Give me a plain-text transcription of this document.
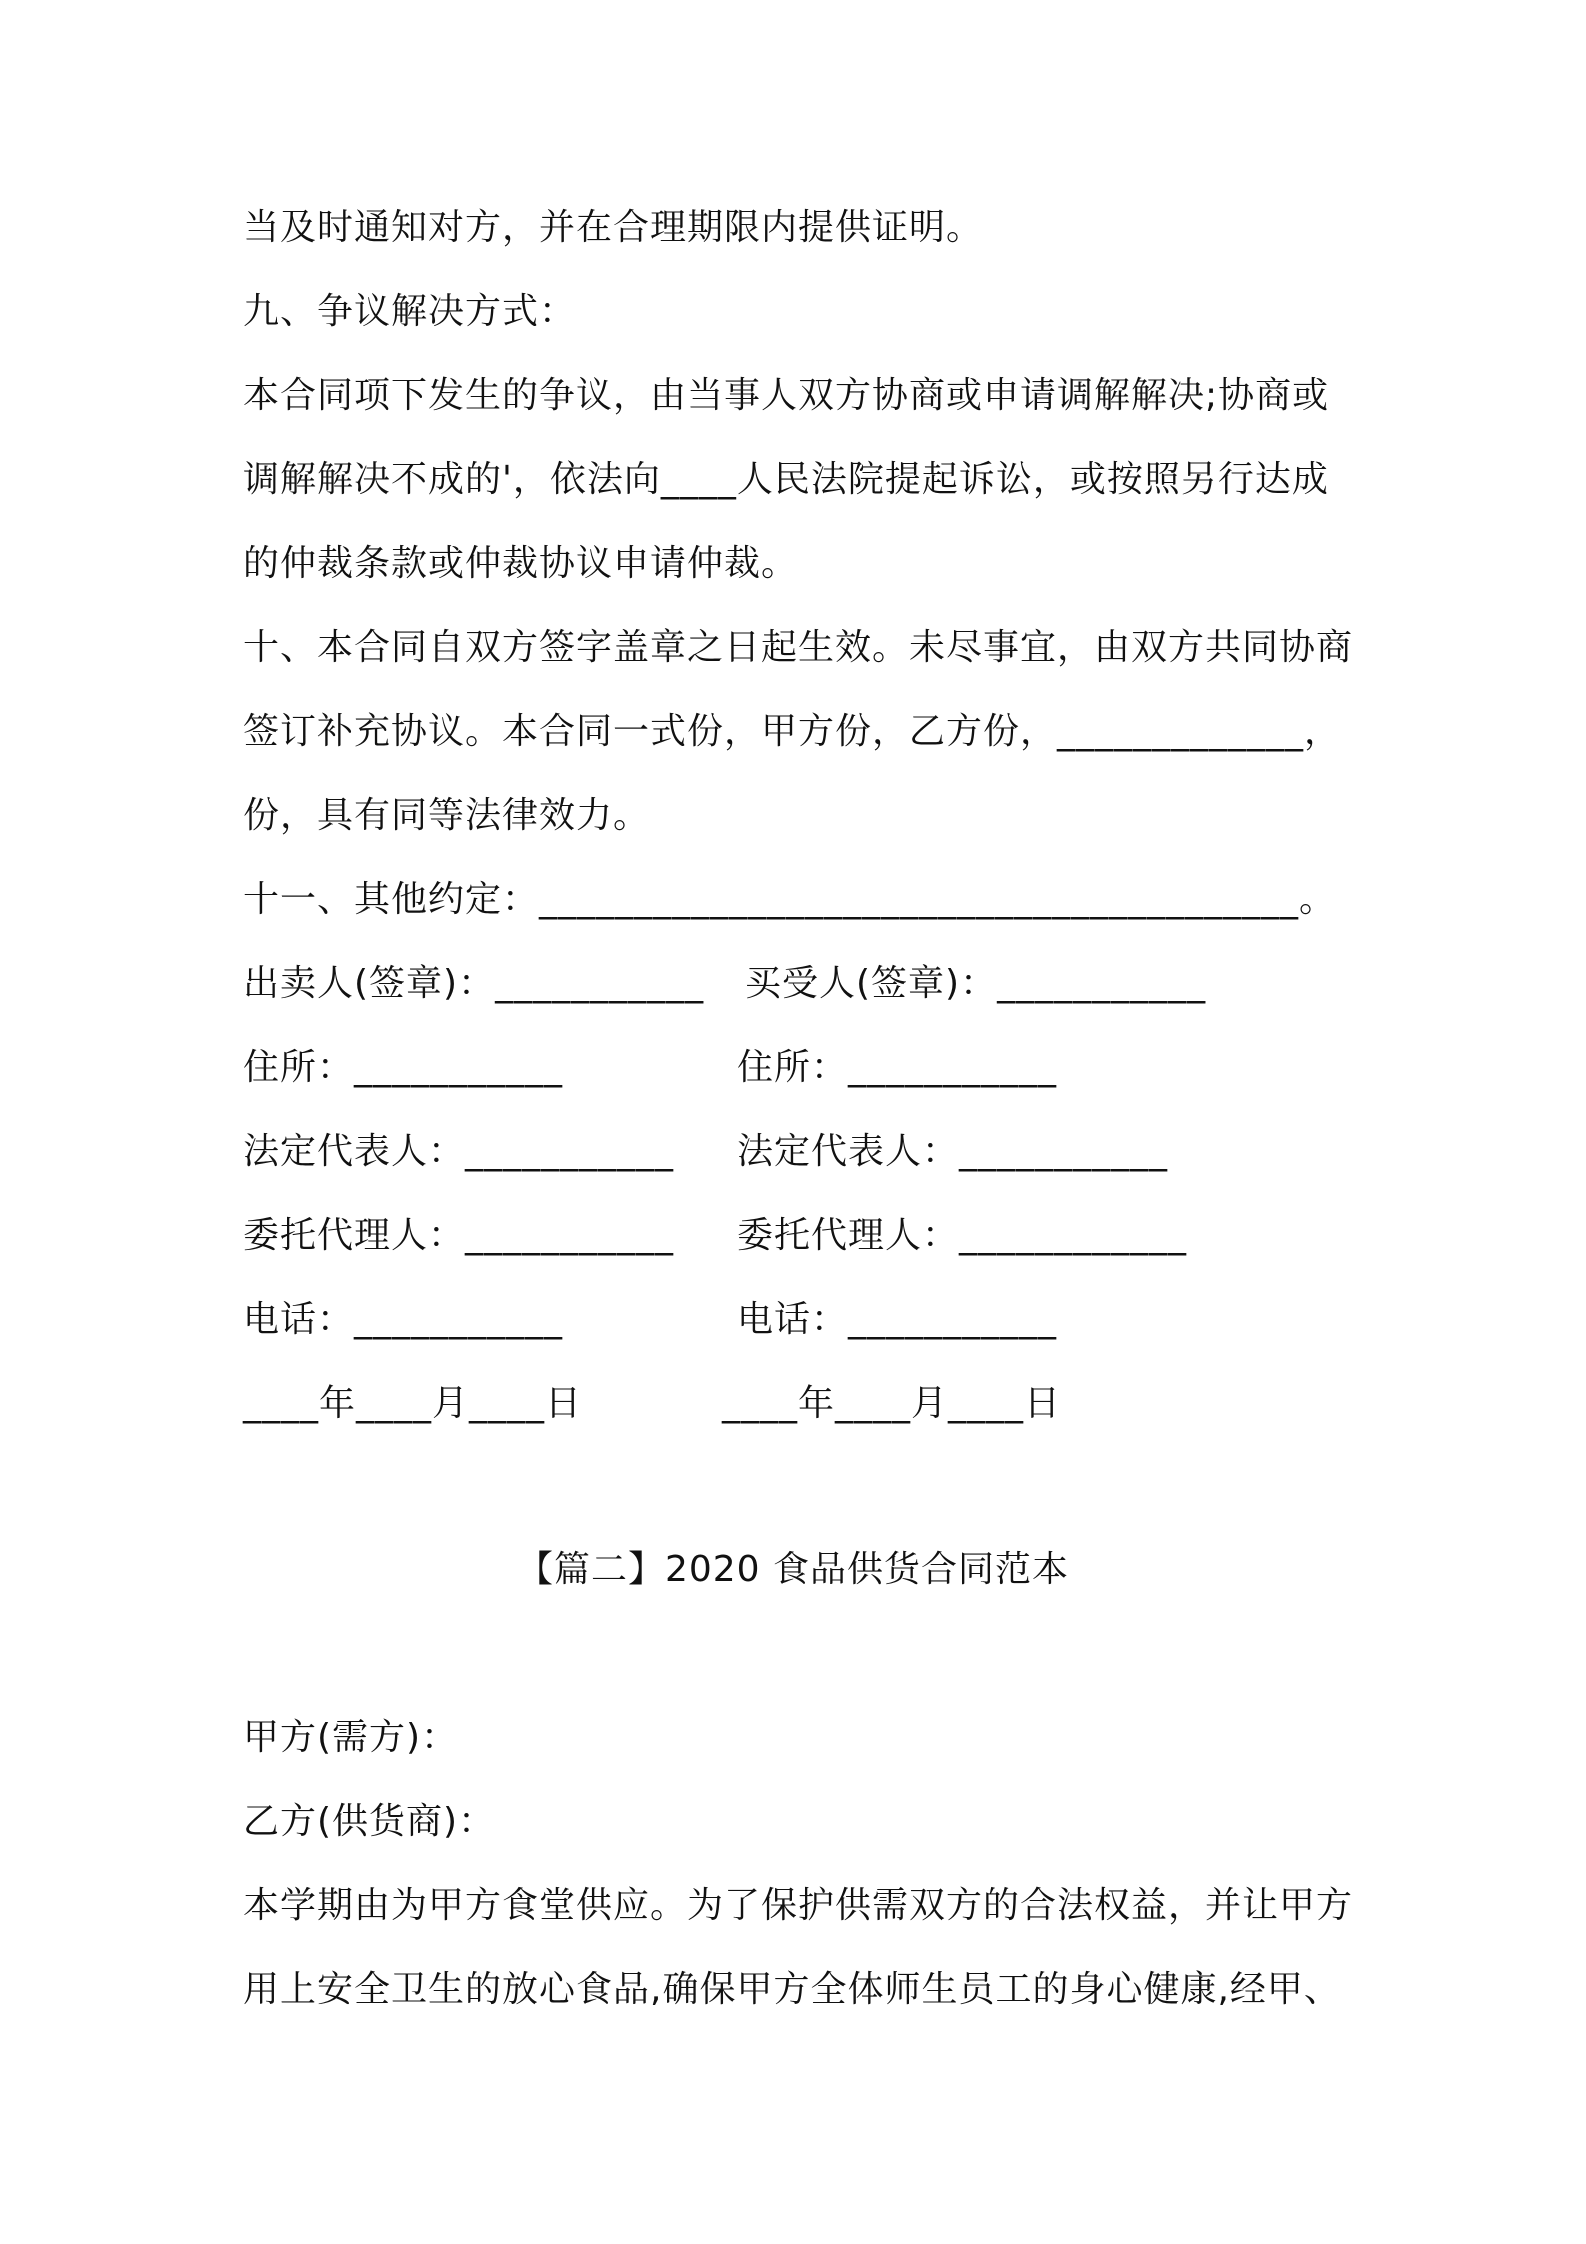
当及时通知对方，并在合理期限内提供证明。
九、争议解决方式：
本合同项下发生的争议，由当事人双方协商或申请调解解决;协商或
调解解决不成的'，依法向____人民法院提起诉讼，或按照另行达成
的仲裁条款或仲裁协议申请仲裁。
十、本合同自双方签字盖章之日起生效。未尽事宜，由双方共同协商
签订补充协议。本合同一式份，甲方份，乙方份，_____________，
份，具有同等法律效力。
十一、其他约定：________________________________________。
出卖人(签章)：___________ 买受人(签章)：___________
住所：___________	住所：___________
法定代表人：___________ 法定代表人：___________
委托代理人：___________ 委托代理人：____________
电话：___________	电话：___________
____年____月____日	____年____月____日
【篇二】2020 食品供货合同范本
甲方(需方)：
乙方(供货商)：
本学期由为甲方食堂供应。为了保护供需双方的合法权益，并让甲方
用上安全卫生的放心食品,确保甲方全体师生员工的身心健康,经甲、
